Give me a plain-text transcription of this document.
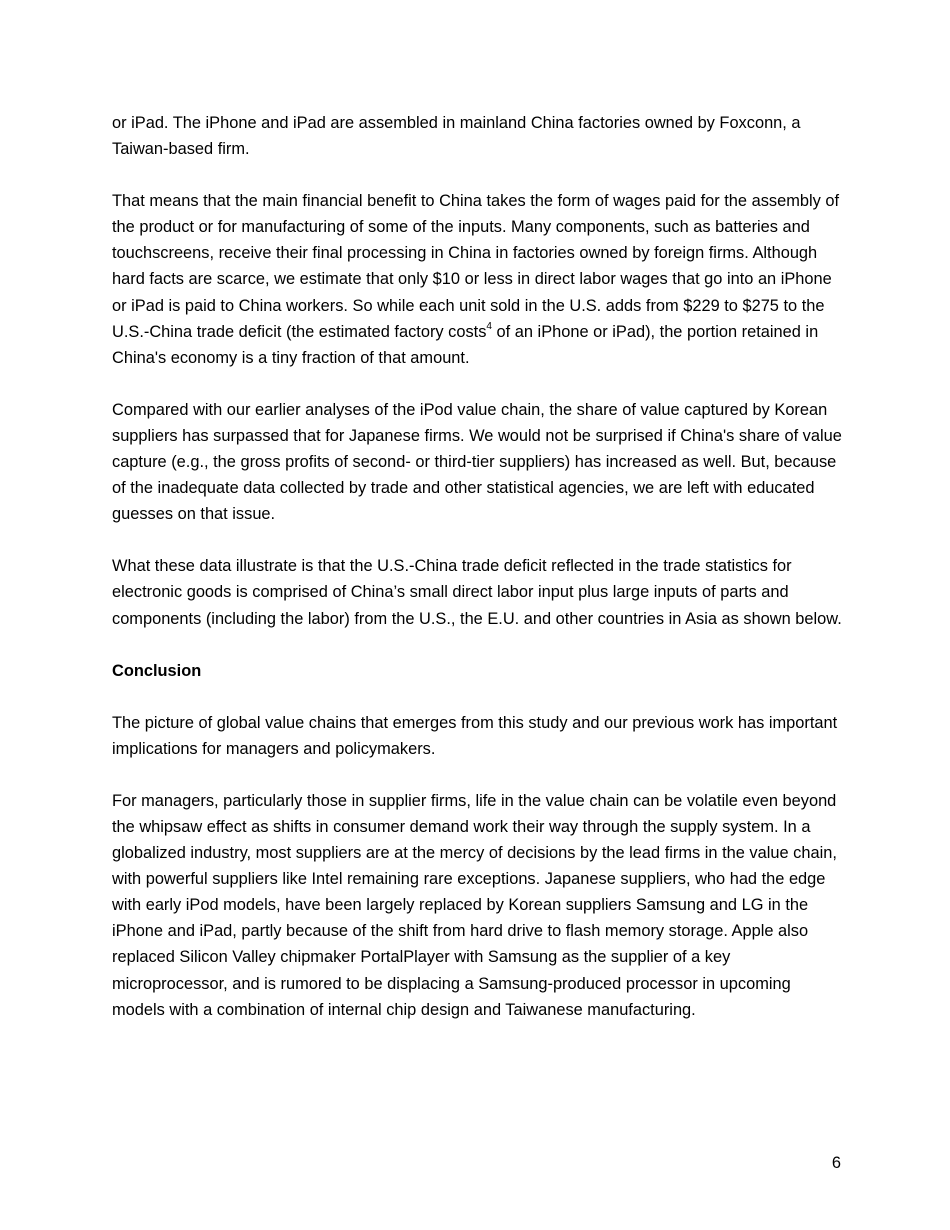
or iPad. The iPhone and iPad are assembled in mainland China factories owned by Foxconn, a Taiwan-based firm.

That means that the main financial benefit to China takes the form of wages paid for the assembly of the product or for manufacturing of some of the inputs. Many components, such as batteries and touchscreens, receive their final processing in China in factories owned by foreign firms. Although hard facts are scarce, we estimate that only $10 or less in direct labor wages that go into an iPhone or iPad is paid to China workers. So while each unit sold in the U.S. adds from $229 to $275 to the U.S.-China trade deficit (the estimated factory costs$^4$ of an iPhone or iPad), the portion retained in China's economy is a tiny fraction of that amount.

Compared with our earlier analyses of the iPod value chain, the share of value captured by Korean suppliers has surpassed that for Japanese firms. We would not be surprised if China's share of value capture (e.g., the gross profits of second- or third-tier suppliers) has increased as well. But, because of the inadequate data collected by trade and other statistical agencies, we are left with educated guesses on that issue.

What these data illustrate is that the U.S.-China trade deficit reflected in the trade statistics for electronic goods is comprised of China’s small direct labor input plus large inputs of parts and components (including the labor) from the U.S., the E.U. and other countries in Asia as shown below.

Conclusion

The picture of global value chains that emerges from this study and our previous work has important implications for managers and policymakers.

For managers, particularly those in supplier firms, life in the value chain can be volatile even beyond the whipsaw effect as shifts in consumer demand work their way through the supply system. In a globalized industry, most suppliers are at the mercy of decisions by the lead firms in the value chain, with powerful suppliers like Intel remaining rare exceptions. Japanese suppliers, who had the edge with early iPod models, have been largely replaced by Korean suppliers Samsung and LG in the iPhone and iPad, partly because of the shift from hard drive to flash memory storage. Apple also replaced Silicon Valley chipmaker PortalPlayer with Samsung as the supplier of a key microprocessor, and is rumored to be displacing a Samsung-produced processor in upcoming models with a combination of internal chip design and Taiwanese manufacturing.

6
